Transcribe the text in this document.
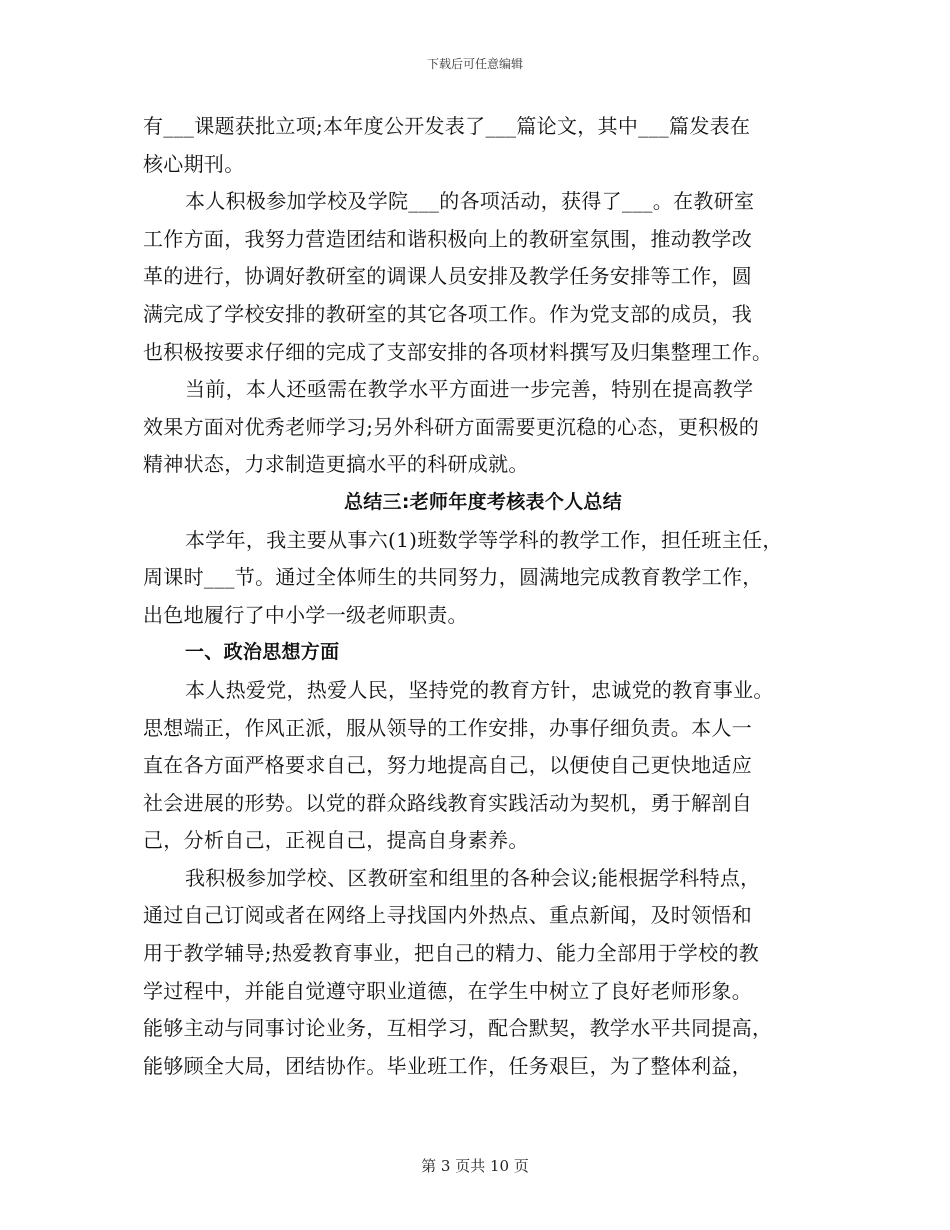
下载后可任意编辑
有___课题获批立项;本年度公开发表了___篇论文，其中___篇发表在
核心期刊。
本人积极参加学校及学院___的各项活动，获得了___。在教研室
工作方面，我努力营造团结和谐积极向上的教研室氛围，推动教学改
革的进行，协调好教研室的调课人员安排及教学任务安排等工作，圆
满完成了学校安排的教研室的其它各项工作。作为党支部的成员，我
也积极按要求仔细的完成了支部安排的各项材料撰写及归集整理工作。
当前，本人还亟需在教学水平方面进一步完善，特别在提高教学
效果方面对优秀老师学习;另外科研方面需要更沉稳的心态，更积极的
精神状态，力求制造更搞水平的科研成就。
总结三:老师年度考核表个人总结
本学年，我主要从事六(1)班数学等学科的教学工作，担任班主任，
周课时___节。通过全体师生的共同努力，圆满地完成教育教学工作，
出色地履行了中小学一级老师职责。
一、政治思想方面
本人热爱党，热爱人民，坚持党的教育方针，忠诚党的教育事业。
思想端正，作风正派，服从领导的工作安排，办事仔细负责。本人一
直在各方面严格要求自己，努力地提高自己，以便使自己更快地适应
社会进展的形势。以党的群众路线教育实践活动为契机，勇于解剖自
己，分析自己，正视自己，提高自身素养。
我积极参加学校、区教研室和组里的各种会议;能根据学科特点，
通过自己订阅或者在网络上寻找国内外热点、重点新闻，及时领悟和
用于教学辅导;热爱教育事业，把自己的精力、能力全部用于学校的教
学过程中，并能自觉遵守职业道德，在学生中树立了良好老师形象。
能够主动与同事讨论业务，互相学习，配合默契，教学水平共同提高，
能够顾全大局，团结协作。毕业班工作，任务艰巨，为了整体利益，
第 3 页共 10 页
